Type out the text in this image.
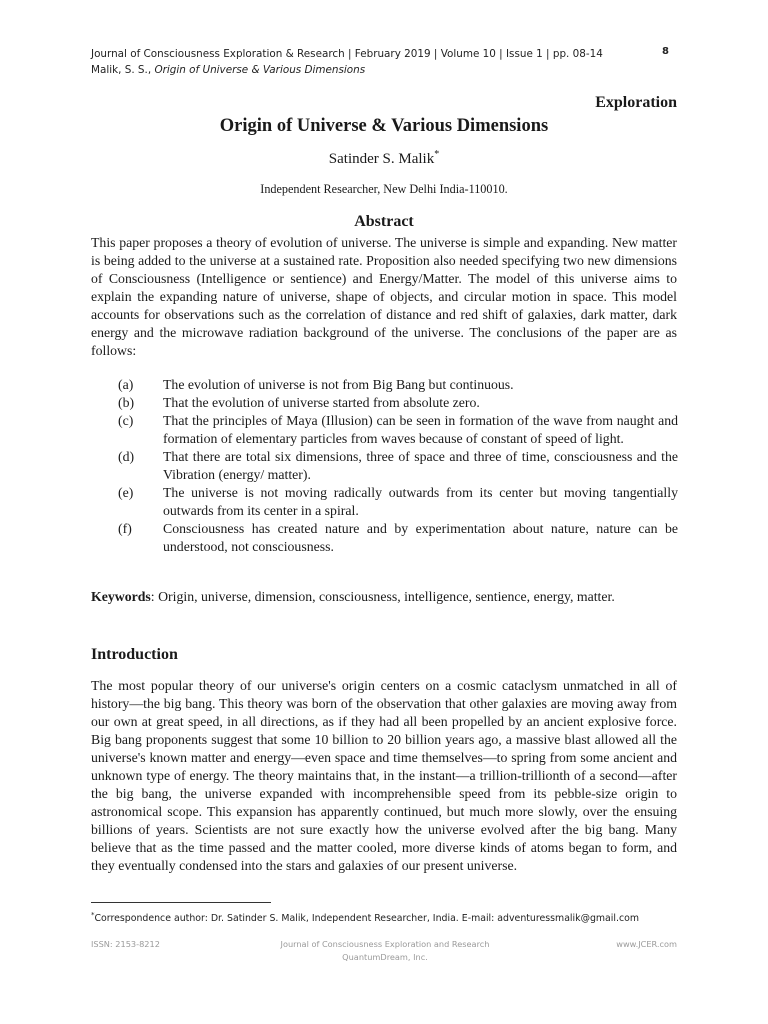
Journal of Consciousness Exploration & Research | February 2019 | Volume 10 | Issue 1 | pp. 08-14
Malik, S. S., Origin of Universe & Various Dimensions
8
Exploration
Origin of Universe & Various Dimensions
Satinder S. Malik*
Independent Researcher, New Delhi India-110010.
Abstract
This paper proposes a theory of evolution of universe. The universe is simple and expanding. New matter is being added to the universe at a sustained rate. Proposition also needed specifying two new dimensions of Consciousness (Intelligence or sentience) and Energy/Matter. The model of this universe aims to explain the expanding nature of universe, shape of objects, and circular motion in space. This model accounts for observations such as the correlation of distance and red shift of galaxies, dark matter, dark energy and the microwave radiation background of the universe. The conclusions of the paper are as follows:
(a) The evolution of universe is not from Big Bang but continuous.
(b) That the evolution of universe started from absolute zero.
(c) That the principles of Maya (Illusion) can be seen in formation of the wave from naught and formation of elementary particles from waves because of constant of speed of light.
(d) That there are total six dimensions, three of space and three of time, consciousness and the Vibration (energy/ matter).
(e) The universe is not moving radically outwards from its center but moving tangentially outwards from its center in a spiral.
(f) Consciousness has created nature and by experimentation about nature, nature can be understood, not consciousness.
Keywords: Origin, universe, dimension, consciousness, intelligence, sentience, energy, matter.
Introduction
The most popular theory of our universe's origin centers on a cosmic cataclysm unmatched in all of history—the big bang. This theory was born of the observation that other galaxies are moving away from our own at great speed, in all directions, as if they had all been propelled by an ancient explosive force. Big bang proponents suggest that some 10 billion to 20 billion years ago, a massive blast allowed all the universe's known matter and energy—even space and time themselves—to spring from some ancient and unknown type of energy. The theory maintains that, in the instant—a trillion-trillionth of a second—after the big bang, the universe expanded with incomprehensible speed from its pebble-size origin to astronomical scope. This expansion has apparently continued, but much more slowly, over the ensuing billions of years. Scientists are not sure exactly how the universe evolved after the big bang. Many believe that as the time passed and the matter cooled, more diverse kinds of atoms began to form, and they eventually condensed into the stars and galaxies of our present universe.
*Correspondence author: Dr. Satinder S. Malik, Independent Researcher, India. E-mail: adventuressmalik@gmail.com
ISSN: 2153-8212	Journal of Consciousness Exploration and Research
QuantumDream, Inc.
www.JCER.com
